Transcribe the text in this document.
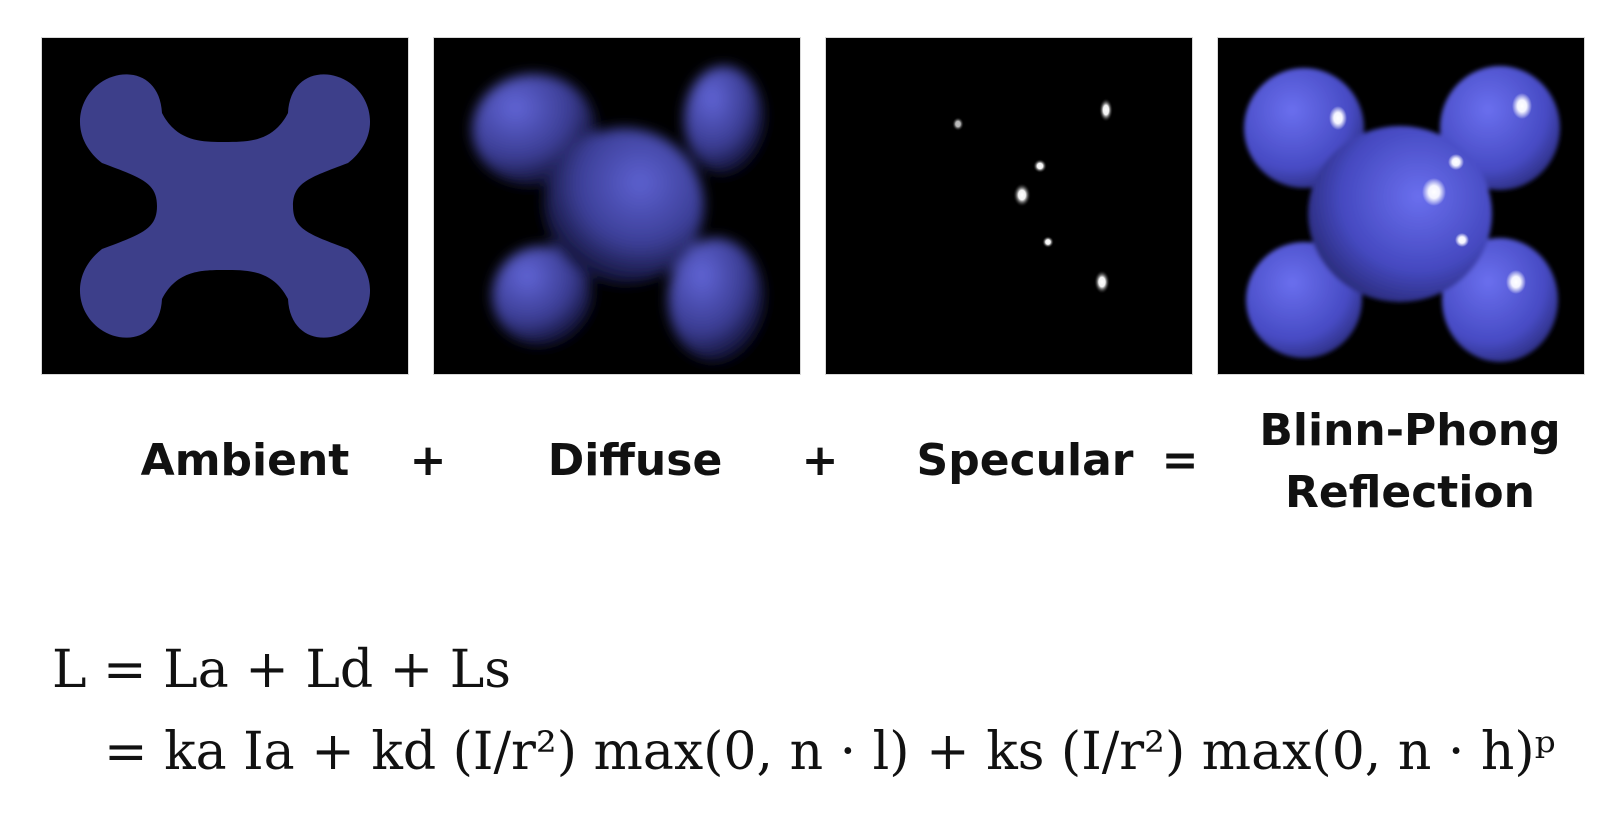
Ambient	+	Diffuse	+	Specular =
Blinn-Phong
Reflection
L = La + Ld + Ls
= ka Ia + kd (I/r²) max(0, n · l) + ks (I/r²) max(0, n · h)ᵖ
